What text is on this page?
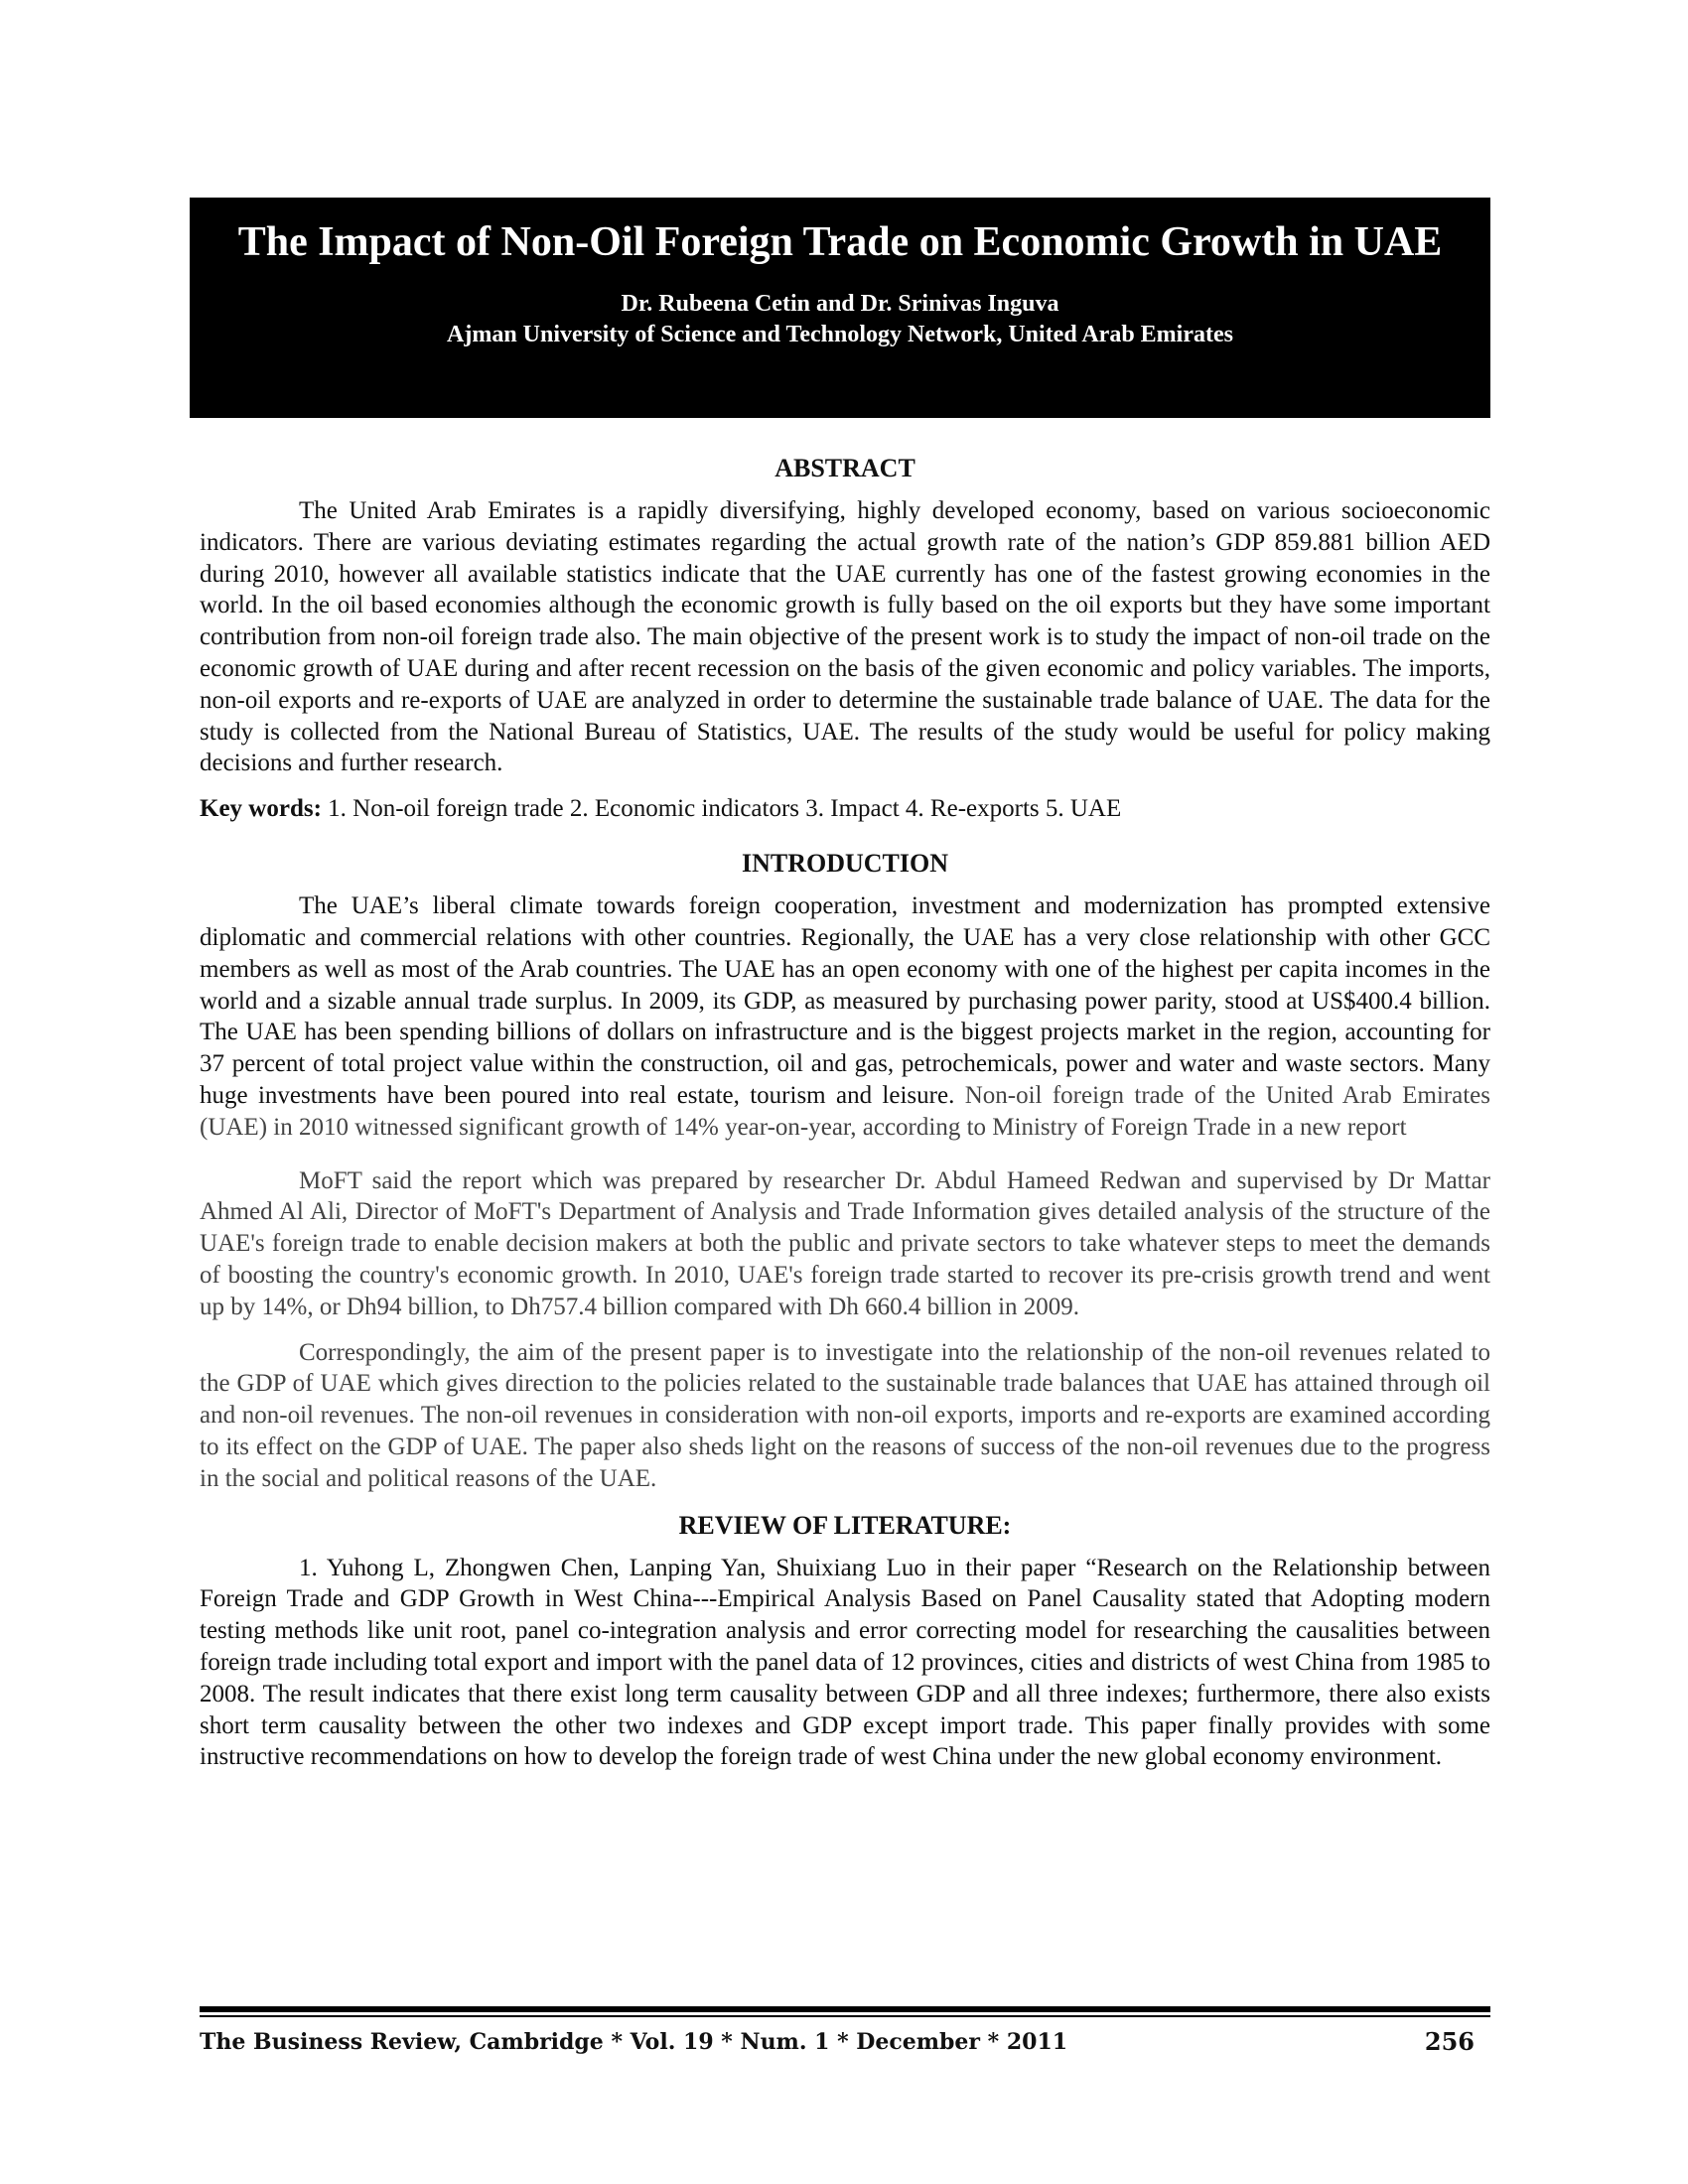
The Impact of Non-Oil Foreign Trade on Economic Growth in UAE
Dr. Rubeena Cetin and Dr. Srinivas Inguva
Ajman University of Science and Technology Network, United Arab Emirates
ABSTRACT

The United Arab Emirates is a rapidly diversifying, highly developed economy, based on various socioeconomic indicators. There are various deviating estimates regarding the actual growth rate of the nation’s GDP 859.881 billion AED during 2010, however all available statistics indicate that the UAE currently has one of the fastest growing economies in the world. In the oil based economies although the economic growth is fully based on the oil exports but they have some important contribution from non-oil foreign trade also. The main objective of the present work is to study the impact of non-oil trade on the economic growth of UAE during and after recent recession on the basis of the given economic and policy variables. The imports, non-oil exports and re-exports of UAE are analyzed in order to determine the sustainable trade balance of UAE. The data for the study is collected from the National Bureau of Statistics, UAE. The results of the study would be useful for policy making decisions and further research.

Key words: 1. Non-oil foreign trade 2. Economic indicators 3. Impact 4. Re-exports 5. UAE

INTRODUCTION

The UAE’s liberal climate towards foreign cooperation, investment and modernization has prompted extensive diplomatic and commercial relations with other countries. Regionally, the UAE has a very close relationship with other GCC members as well as most of the Arab countries. The UAE has an open economy with one of the highest per capita incomes in the world and a sizable annual trade surplus. In 2009, its GDP, as measured by purchasing power parity, stood at US$400.4 billion. The UAE has been spending billions of dollars on infrastructure and is the biggest projects market in the region, accounting for 37 percent of total project value within the construction, oil and gas, petrochemicals, power and water and waste sectors. Many huge investments have been poured into real estate, tourism and leisure. Non-oil foreign trade of the United Arab Emirates (UAE) in 2010 witnessed significant growth of 14% year-on-year, according to Ministry of Foreign Trade in a new report

MoFT said the report which was prepared by researcher Dr. Abdul Hameed Redwan and supervised by Dr Mattar Ahmed Al Ali, Director of MoFT's Department of Analysis and Trade Information gives detailed analysis of the structure of the UAE's foreign trade to enable decision makers at both the public and private sectors to take whatever steps to meet the demands of boosting the country's economic growth. In 2010, UAE's foreign trade started to recover its pre-crisis growth trend and went up by 14%, or Dh94 billion, to Dh757.4 billion compared with Dh 660.4 billion in 2009.

Correspondingly, the aim of the present paper is to investigate into the relationship of the non-oil revenues related to the GDP of UAE which gives direction to the policies related to the sustainable trade balances that UAE has attained through oil and non-oil revenues. The non-oil revenues in consideration with non-oil exports, imports and re-exports are examined according to its effect on the GDP of UAE. The paper also sheds light on the reasons of success of the non-oil revenues due to the progress in the social and political reasons of the UAE.

REVIEW OF LITERATURE:

1. Yuhong L, Zhongwen Chen, Lanping Yan, Shuixiang Luo in their paper “Research on the Relationship between Foreign Trade and GDP Growth in West China---Empirical Analysis Based on Panel Causality stated that Adopting modern testing methods like unit root, panel co-integration analysis and error correcting model for researching the causalities between foreign trade including total export and import with the panel data of 12 provinces, cities and districts of west China from 1985 to 2008. The result indicates that there exist long term causality between GDP and all three indexes; furthermore, there also exists short term causality between the other two indexes and GDP except import trade. This paper finally provides with some instructive recommendations on how to develop the foreign trade of west China under the new global economy environment.

The Business Review, Cambridge * Vol. 19 * Num. 1 * December * 2011	256
